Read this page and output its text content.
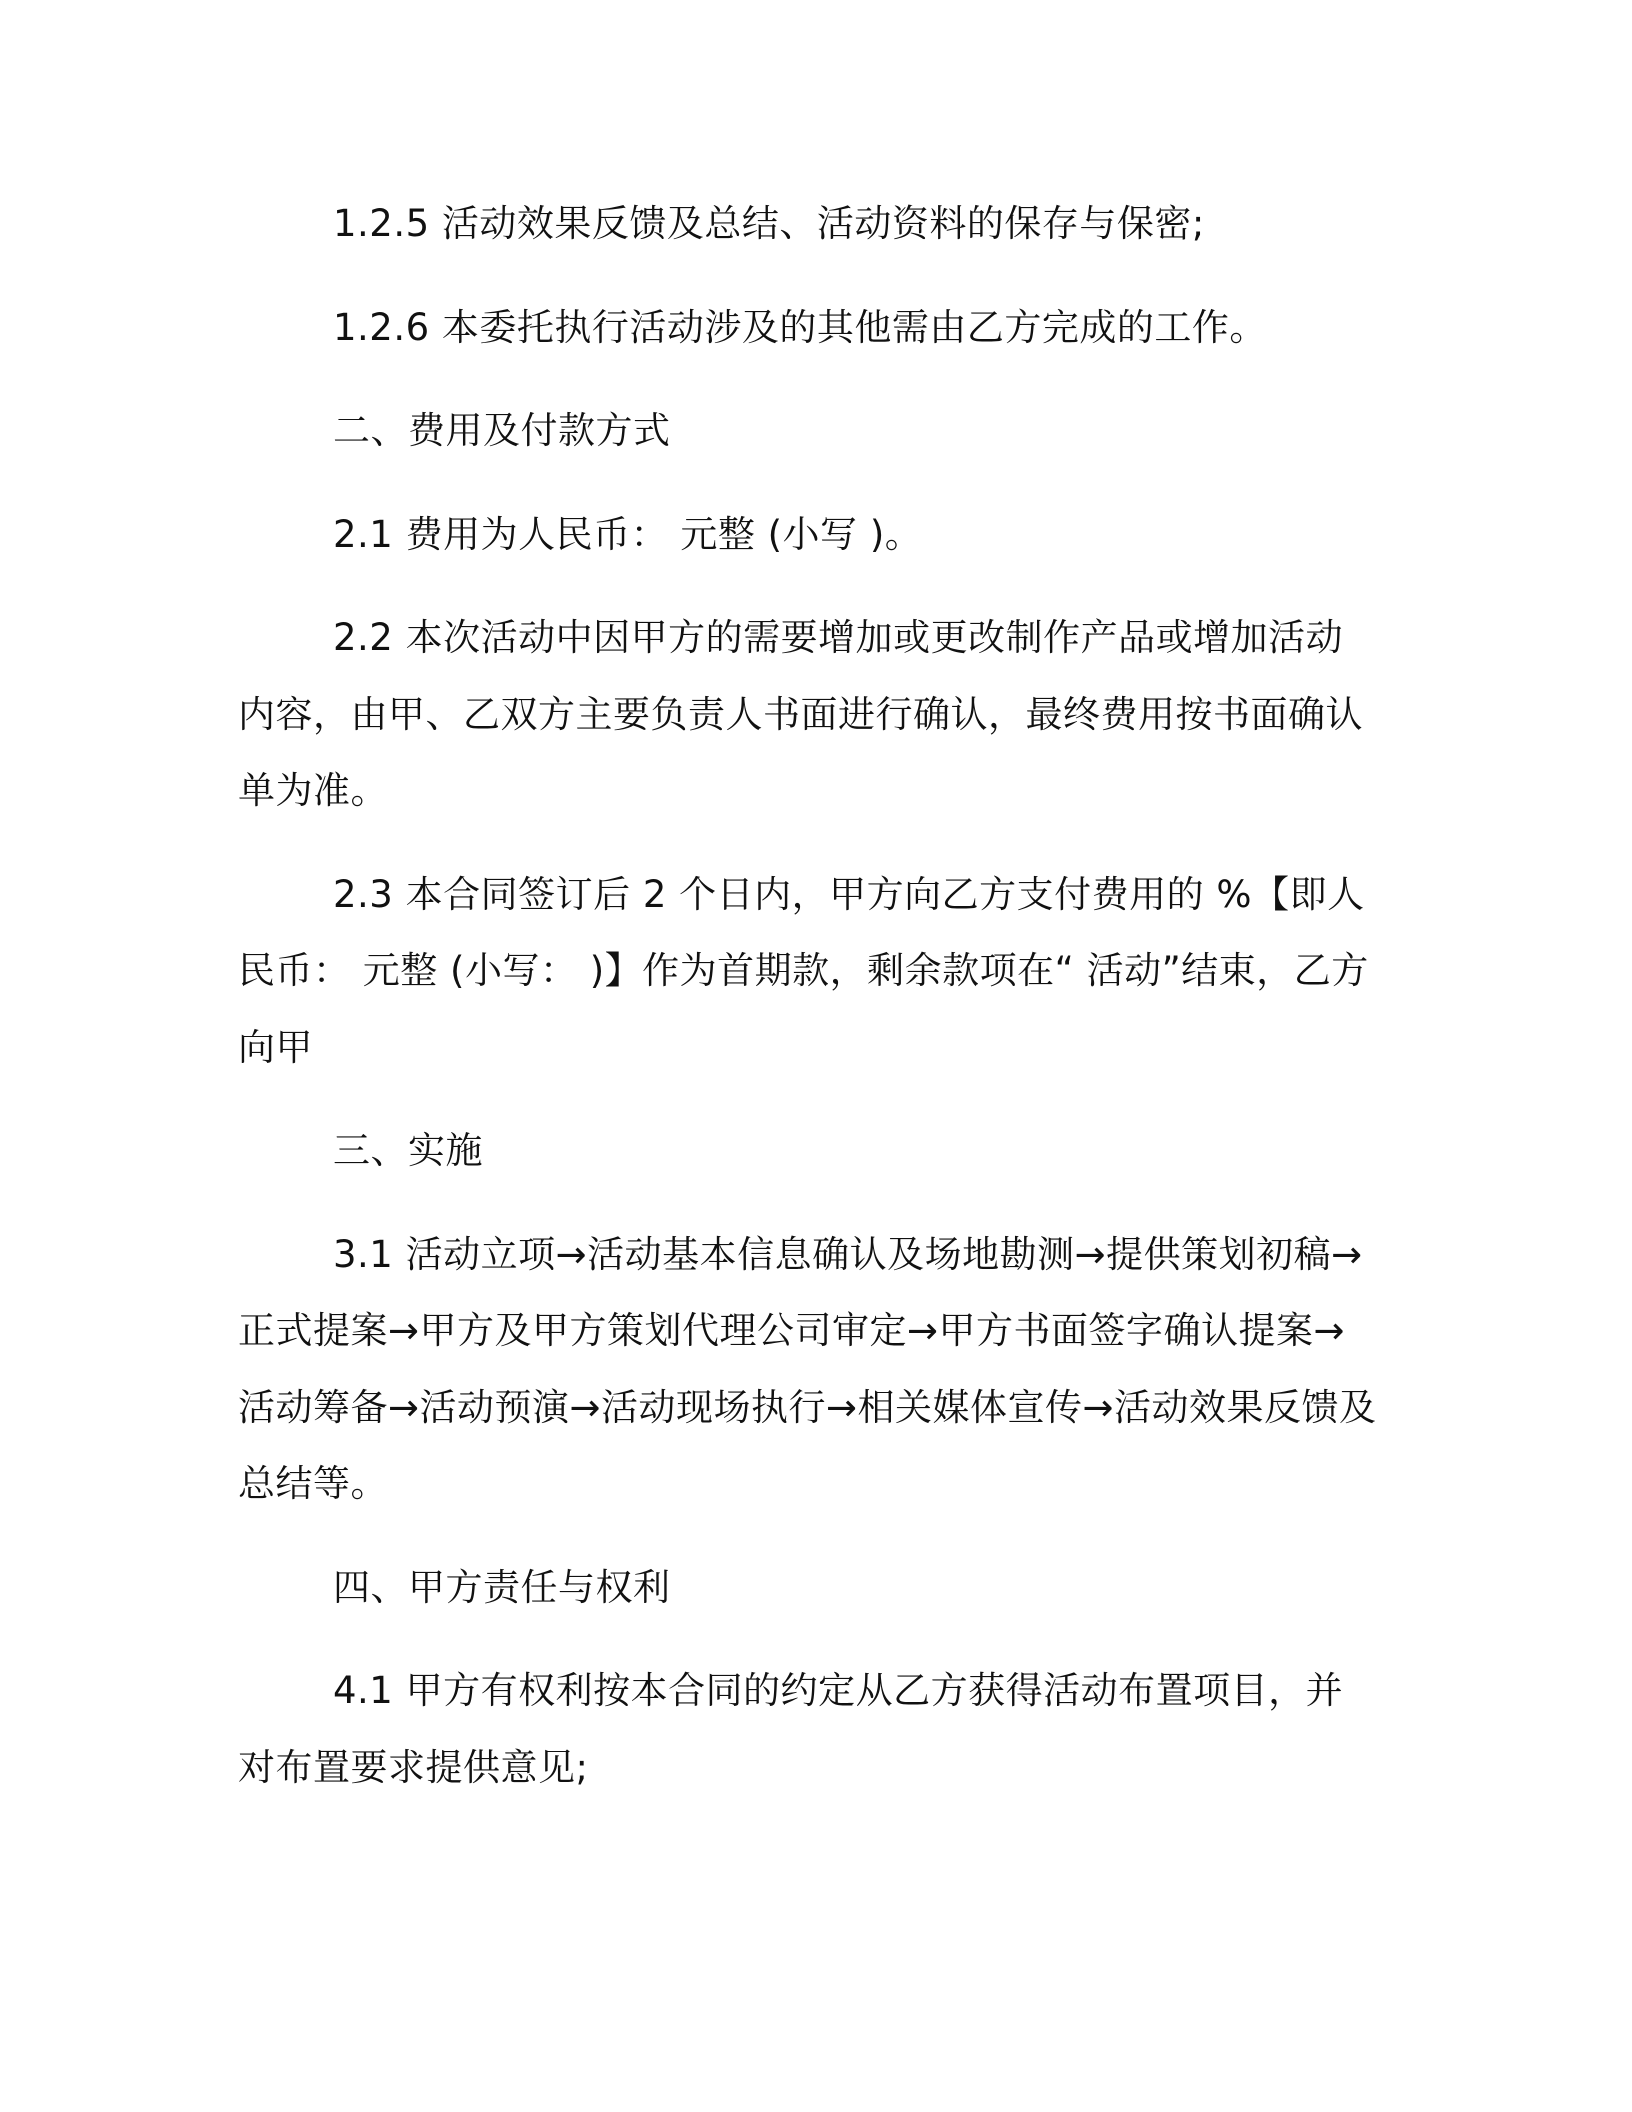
1.2.5 活动效果反馈及总结、活动资料的保存与保密;

1.2.6 本委托执行活动涉及的其他需由乙方完成的工作。

二、费用及付款方式

2.1 费用为人民币： 元整 (小写 )。

2.2 本次活动中因甲方的需要增加或更改制作产品或增加活动内容，由甲、乙双方主要负责人书面进行确认，最终费用按书面确认单为准。

2.3 本合同签订后 2 个日内，甲方向乙方支付费用的 %【即人民币： 元整 (小写： )】作为首期款，剩余款项在“ 活动”结束，乙方向甲

三、实施

3.1 活动立项→活动基本信息确认及场地勘测→提供策划初稿→正式提案→甲方及甲方策划代理公司审定→甲方书面签字确认提案→活动筹备→活动预演→活动现场执行→相关媒体宣传→活动效果反馈及总结等。

四、甲方责任与权利

4.1 甲方有权利按本合同的约定从乙方获得活动布置项目，并对布置要求提供意见;
